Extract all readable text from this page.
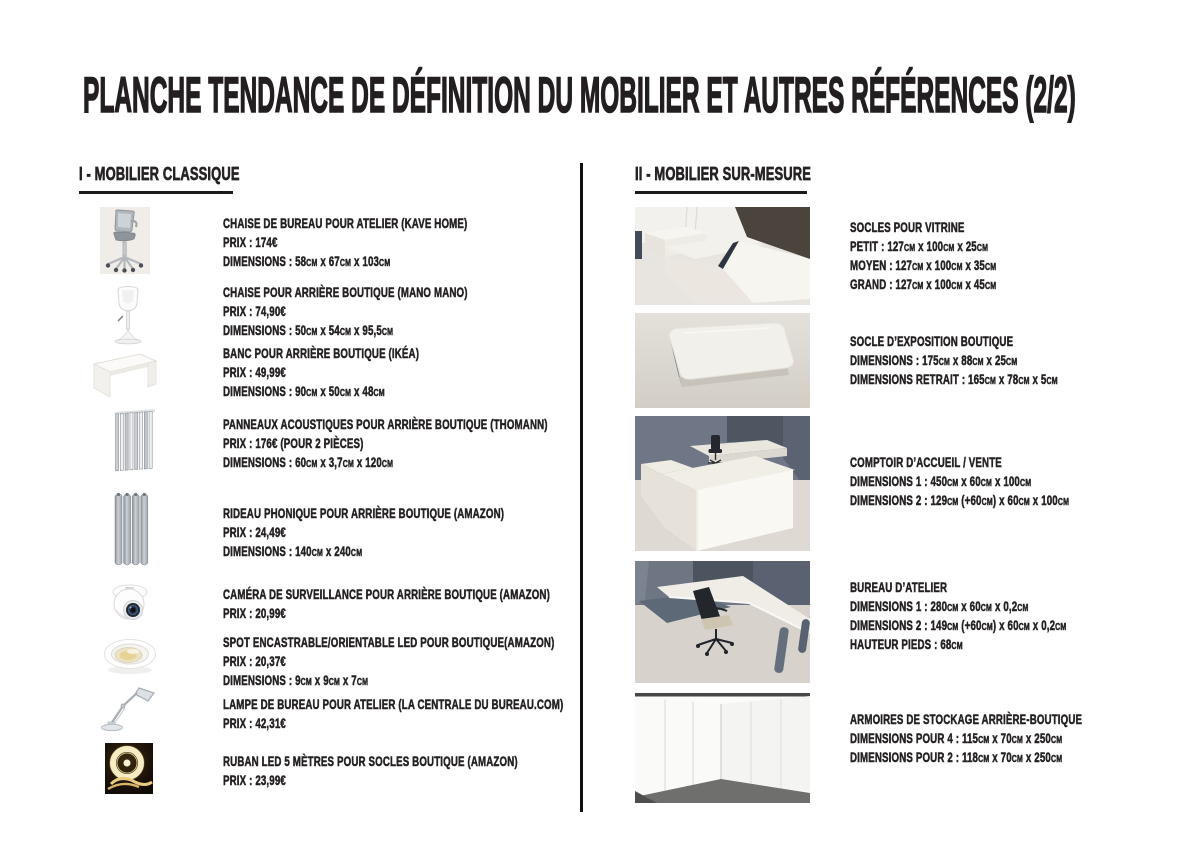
PLANCHE TENDANCE DE DÉFINITION DU MOBILIER ET AUTRES RÉFÉRENCES (2/2)
I - MOBILIER CLASSIQUE	II - MOBILIER SUR-MESURE
CHAISE DE BUREAU POUR ATELIER (KAVE HOME)
PRIX : 174€
DIMENSIONS : 58CM x 67CM x 103CM
CHAISE POUR ARRIÈRE BOUTIQUE (MANO MANO)
PRIX : 74,90€
DIMENSIONS : 50CM x 54CM x 95,5CM
BANC POUR ARRIÈRE BOUTIQUE (IKÉA)
PRIX : 49,99€
DIMENSIONS : 90CM x 50CM x 48CM
PANNEAUX ACOUSTIQUES POUR ARRIÈRE BOUTIQUE (THOMANN)
PRIX : 176€ (POUR 2 PIÈCES)
DIMENSIONS : 60CM x 3,7CM x 120CM
RIDEAU PHONIQUE POUR ARRIÈRE BOUTIQUE (AMAZON)
PRIX : 24,49€
DIMENSIONS : 140CM x 240CM
CAMÉRA DE SURVEILLANCE POUR ARRIÈRE BOUTIQUE (AMAZON)
PRIX : 20,99€
SPOT ENCASTRABLE/ORIENTABLE LED POUR BOUTIQUE(AMAZON)
PRIX : 20,37€
DIMENSIONS : 9CM x 9CM x 7CM
LAMPE DE BUREAU POUR ATELIER (LA CENTRALE DU BUREAU.COM)
PRIX : 42,31€
RUBAN LED 5 MÈTRES POUR SOCLES BOUTIQUE (AMAZON)
PRIX : 23,99€
SOCLES POUR VITRINE
PETIT : 127CM x 100CM x 25CM
MOYEN : 127CM x 100CM x 35CM
GRAND : 127CM x 100CM x 45CM
SOCLE D’EXPOSITION BOUTIQUE
DIMENSIONS : 175CM x 88CM x 25CM
DIMENSIONS RETRAIT : 165CM x 78CM x 5CM
COMPTOIR D’ACCUEIL / VENTE
DIMENSIONS 1 : 450CM x 60CM x 100CM
DIMENSIONS 2 : 129CM (+60CM) x 60CM x 100CM
BUREAU D’ATELIER
DIMENSIONS 1 : 280CM x 60CM x 0,2CM
DIMENSIONS 2 : 149CM (+60CM) x 60CM x 0,2CM
HAUTEUR PIEDS : 68CM
ARMOIRES DE STOCKAGE ARRIÈRE-BOUTIQUE
DIMENSIONS POUR 4 : 115CM x 70CM x 250CM
DIMENSIONS POUR 2 : 118CM x 70CM x 250CM
